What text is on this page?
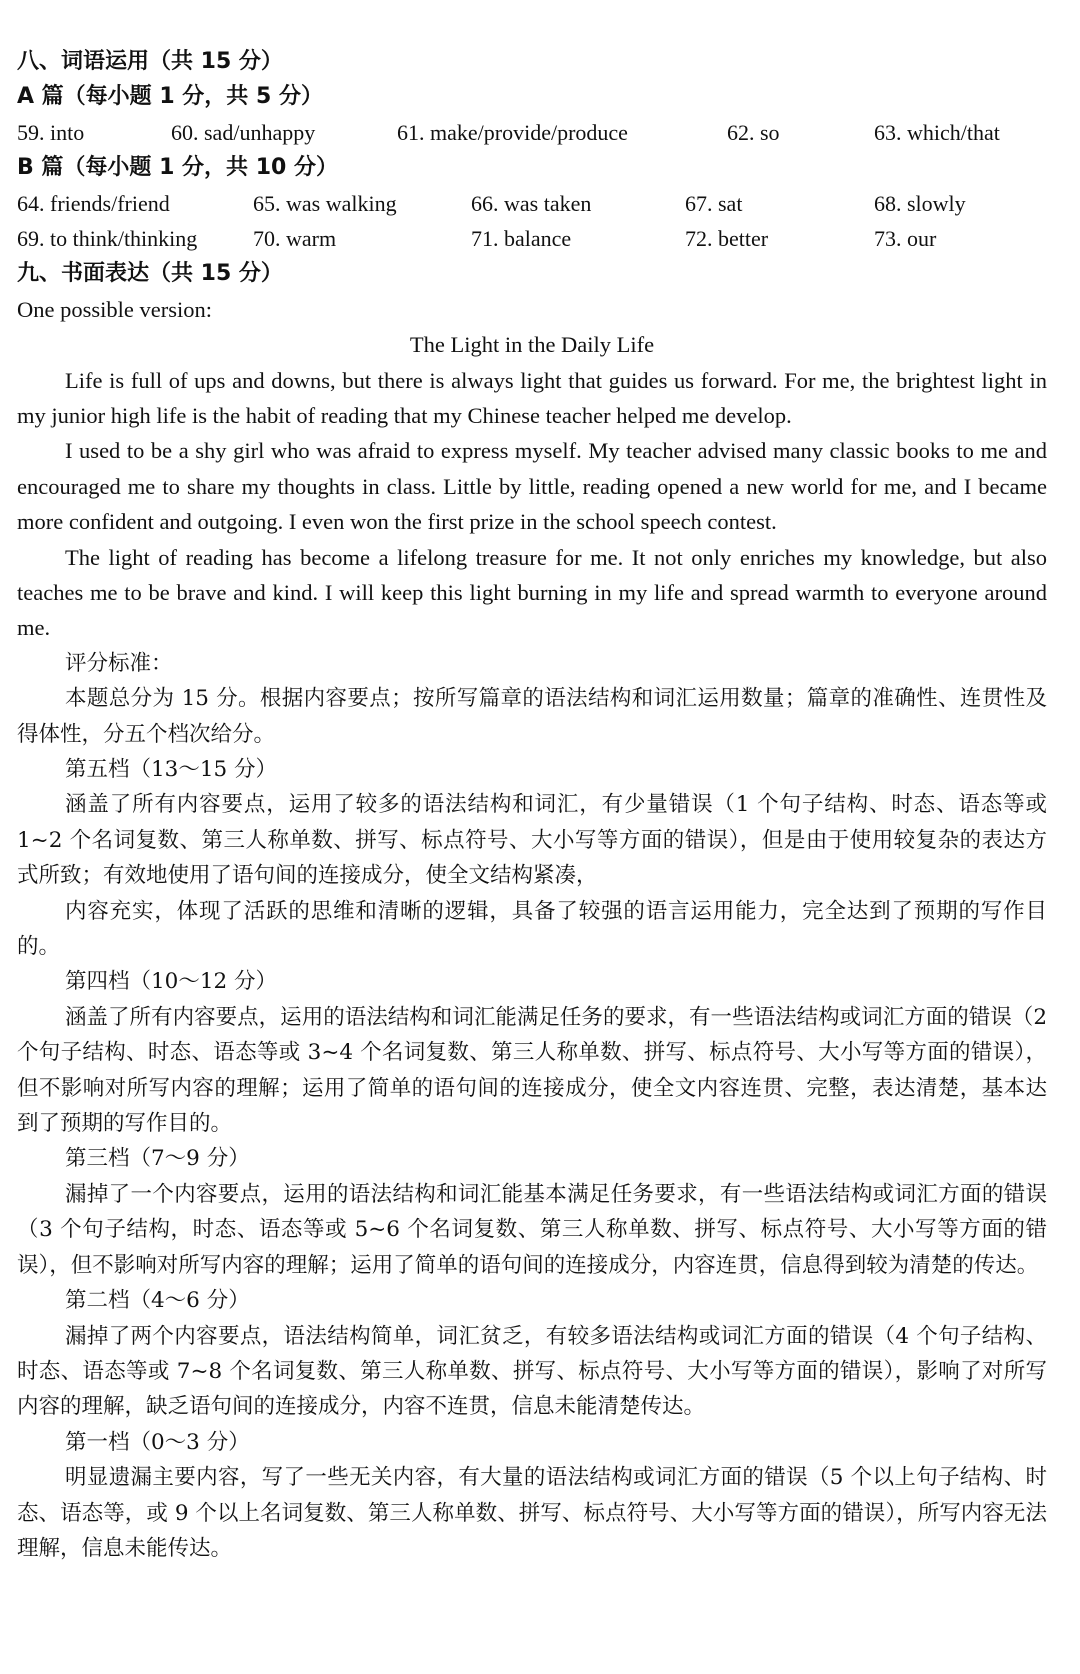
八、词语运用（共 15 分）
A 篇（每小题 1 分，共 5 分）
59. into	60. sad/unhappy	61. make/provide/produce	62. so	63. which/that
B 篇（每小题 1 分，共 10 分）
64. friends/friend	65. was walking	66. was taken	67. sat	68. slowly
69. to think/thinking	70. warm	71. balance	72. better	73. our
九、书面表达（共 15 分）
One possible version:
The Light in the Daily Life
Life is full of ups and downs, but there is always light that guides us forward. For me, the brightest light in my junior high life is the habit of reading that my Chinese teacher helped me develop.
I used to be a shy girl who was afraid to express myself. My teacher advised many classic books to me and encouraged me to share my thoughts in class. Little by little, reading opened a new world for me, and I became more confident and outgoing. I even won the first prize in the school speech contest.
The light of reading has become a lifelong treasure for me. It not only enriches my knowledge, but also teaches me to be brave and kind. I will keep this light burning in my life and spread warmth to everyone around me.
评分标准：
本题总分为 15 分。根据内容要点；按所写篇章的语法结构和词汇运用数量；篇章的准确性、连贯性及得体性，分五个档次给分。
第五档（13～15 分）
涵盖了所有内容要点，运用了较多的语法结构和词汇，有少量错误（1 个句子结构、时态、语态等或 1~2 个名词复数、第三人称单数、拼写、标点符号、大小写等方面的错误），但是由于使用较复杂的表达方式所致；有效地使用了语句间的连接成分，使全文结构紧凑，
内容充实，体现了活跃的思维和清晰的逻辑，具备了较强的语言运用能力，完全达到了预期的写作目的。
第四档（10～12 分）
涵盖了所有内容要点，运用的语法结构和词汇能满足任务的要求，有一些语法结构或词汇方面的错误（2 个句子结构、时态、语态等或 3~4 个名词复数、第三人称单数、拼写、标点符号、大小写等方面的错误），但不影响对所写内容的理解；运用了简单的语句间的连接成分，使全文内容连贯、完整，表达清楚，基本达到了预期的写作目的。
第三档（7～9 分）
漏掉了一个内容要点，运用的语法结构和词汇能基本满足任务要求，有一些语法结构或词汇方面的错误（3 个句子结构，时态、语态等或 5~6 个名词复数、第三人称单数、拼写、标点符号、大小写等方面的错误），但不影响对所写内容的理解；运用了简单的语句间的连接成分，内容连贯，信息得到较为清楚的传达。
第二档（4～6 分）
漏掉了两个内容要点，语法结构简单，词汇贫乏，有较多语法结构或词汇方面的错误（4 个句子结构、时态、语态等或 7~8 个名词复数、第三人称单数、拼写、标点符号、大小写等方面的错误），影响了对所写内容的理解，缺乏语句间的连接成分，内容不连贯，信息未能清楚传达。
第一档（0～3 分）
明显遗漏主要内容，写了一些无关内容，有大量的语法结构或词汇方面的错误（5 个以上句子结构、时态、语态等，或 9 个以上名词复数、第三人称单数、拼写、标点符号、大小写等方面的错误），所写内容无法理解，信息未能传达。
